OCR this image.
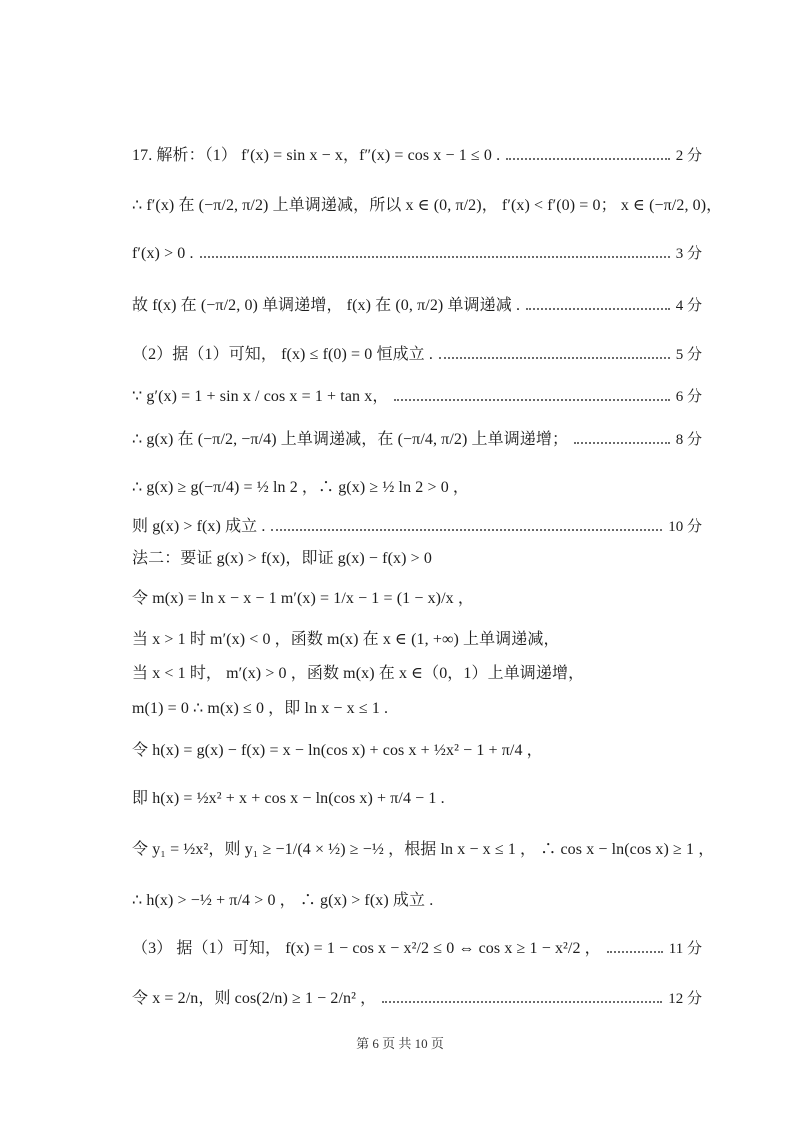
17. 解析：（1） f′(x) = sin x − x，f″(x) = cos x − 1 ≤ 0 .	2 分
∴ f′(x) 在 (−π/2, π/2) 上单调递减，所以 x ∈ (0, π/2)， f′(x) < f′(0) = 0； x ∈ (−π/2, 0)，
f′(x) > 0 .	3 分
故 f(x) 在 (−π/2, 0) 单调递增， f(x) 在 (0, π/2) 单调递减 .	4 分
（2）据（1）可知， f(x) ≤ f(0) = 0 恒成立 .	5 分
∵ g′(x) = 1 + sin x / cos x = 1 + tan x，	6 分
∴ g(x) 在 (−π/2, −π/4) 上单调递减，在 (−π/4, π/2) 上单调递增；	8 分
∴ g(x) ≥ g(−π/4) = ½ ln 2 ，∴ g(x) ≥ ½ ln 2 > 0 ，
则 g(x) > f(x) 成立 .	10 分
法二：要证 g(x) > f(x)，即证 g(x) − f(x) > 0
令 m(x) = ln x − x − 1 m′(x) = 1/x − 1 = (1 − x)/x ，
当 x > 1 时 m′(x) < 0 ，函数 m(x) 在 x ∈ (1, +∞) 上单调递减，
当 x < 1 时， m′(x) > 0 ，函数 m(x) 在 x ∈（0，1）上单调递增，
m(1) = 0 ∴ m(x) ≤ 0 ，即 ln x − x ≤ 1 .
令 h(x) = g(x) − f(x) = x − ln(cos x) + cos x + ½x² − 1 + π/4 ，
即 h(x) = ½x² + x + cos x − ln(cos x) + π/4 − 1 .
令 y₁ = ½x²，则 y₁ ≥ −1/(4 × ½) ≥ −½ ，根据 ln x − x ≤ 1 ， ∴ cos x − ln(cos x) ≥ 1 ，
∴ h(x) > −½ + π/4 > 0 ， ∴ g(x) > f(x) 成立 .
（3） 据（1）可知， f(x) = 1 − cos x − x²/2 ≤ 0 ⇔ cos x ≥ 1 − x²/2 ，	11 分
令 x = 2/n，则 cos(2/n) ≥ 1 − 2/n² ，	12 分
第 6 页 共 10 页
